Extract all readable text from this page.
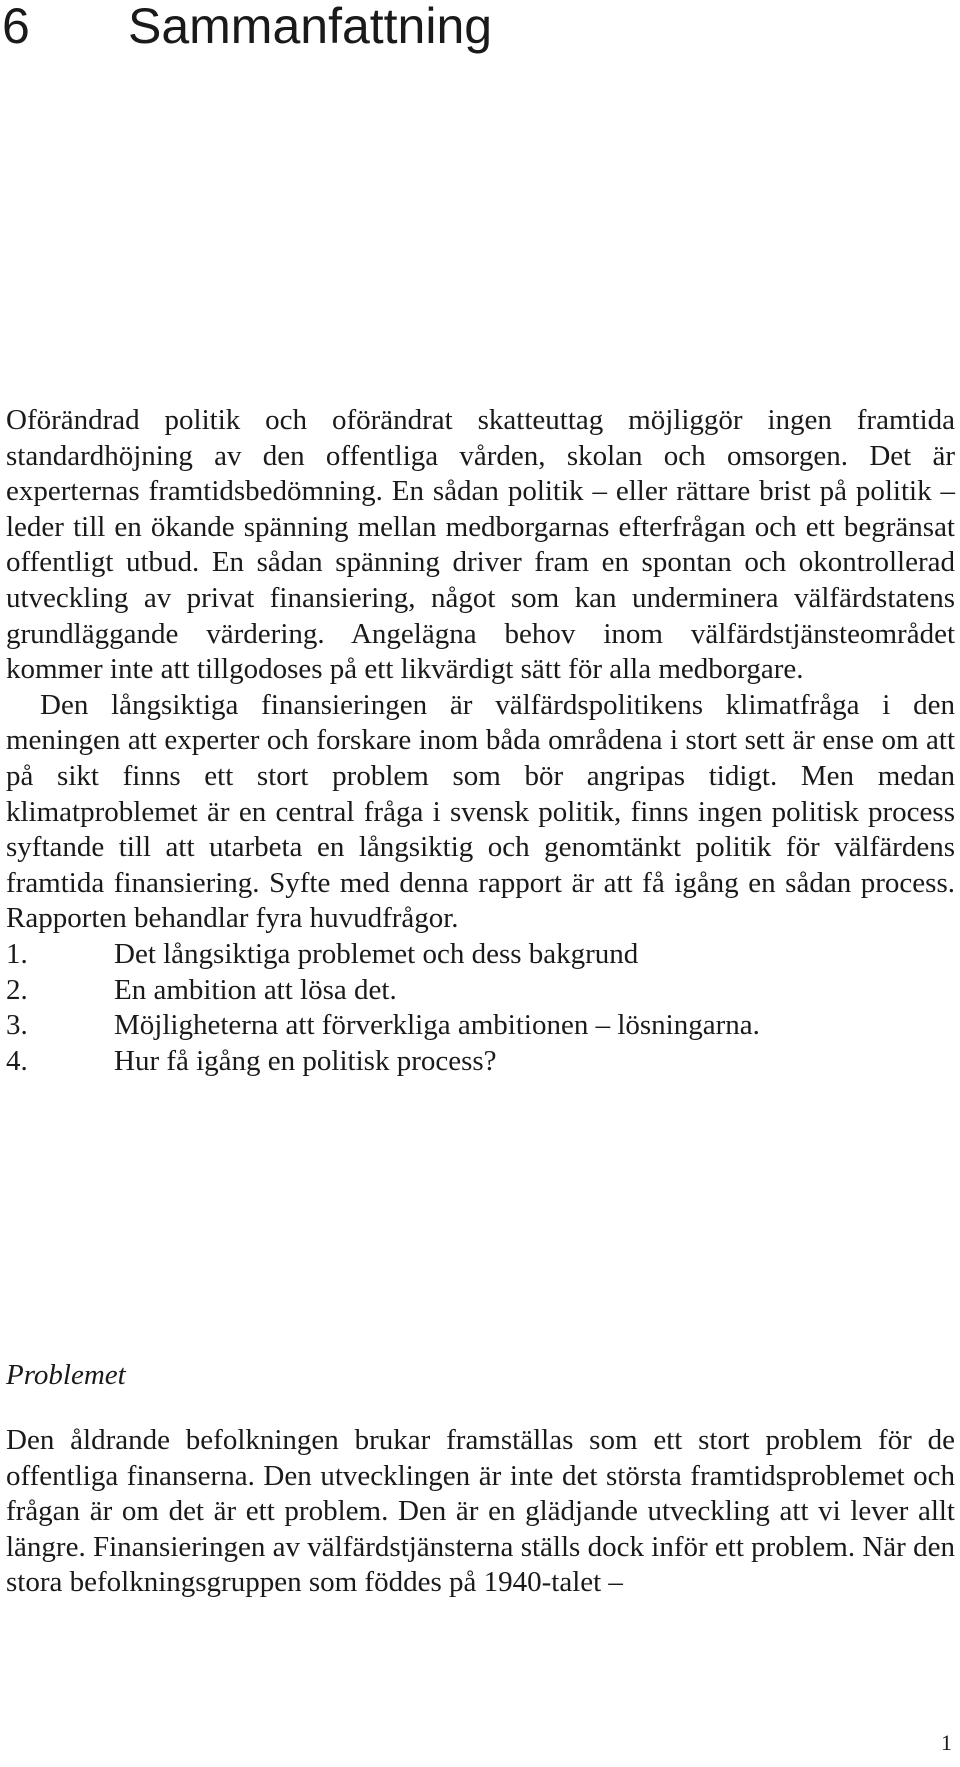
6 Sammanfattning

Oförändrad politik och oförändrat skatteuttag möjliggör ingen framtida standardhöjning av den offentliga vården, skolan och omsorgen. Det är experternas framtidsbedömning. En sådan politik – eller rättare brist på politik – leder till en ökande spänning mellan medborgarnas efterfrågan och ett begränsat offentligt utbud. En sådan spänning driver fram en spontan och okontrollerad utveckling av privat finansiering, något som kan underminera välfärdstatens grundläggande värdering. Angelägna behov inom välfärdstjänsteområdet kommer inte att tillgodoses på ett likvärdigt sätt för alla medborgare.

Den långsiktiga finansieringen är välfärdspolitikens klimatfråga i den meningen att experter och forskare inom båda områdena i stort sett är ense om att på sikt finns ett stort problem som bör angripas tidigt. Men medan klimatproblemet är en central fråga i svensk politik, finns ingen politisk process syftande till att utarbeta en långsiktig och genomtänkt politik för välfärdens framtida finansiering. Syfte med denna rapport är att få igång en sådan process. Rapporten behandlar fyra huvudfrågor.

1.	Det långsiktiga problemet och dess bakgrund
2.	En ambition att lösa det.
3.	Möjligheterna att förverkliga ambitionen – lösningarna.
4.	Hur få igång en politisk process?
Problemet

Den åldrande befolkningen brukar framställas som ett stort problem för de offentliga finanserna. Den utvecklingen är inte det största framtidsproblemet och frågan är om det är ett problem. Den är en glädjande utveckling att vi lever allt längre. Finansieringen av välfärdstjänsterna ställs dock inför ett problem. När den stora befolkningsgruppen som föddes på 1940-talet –

1
